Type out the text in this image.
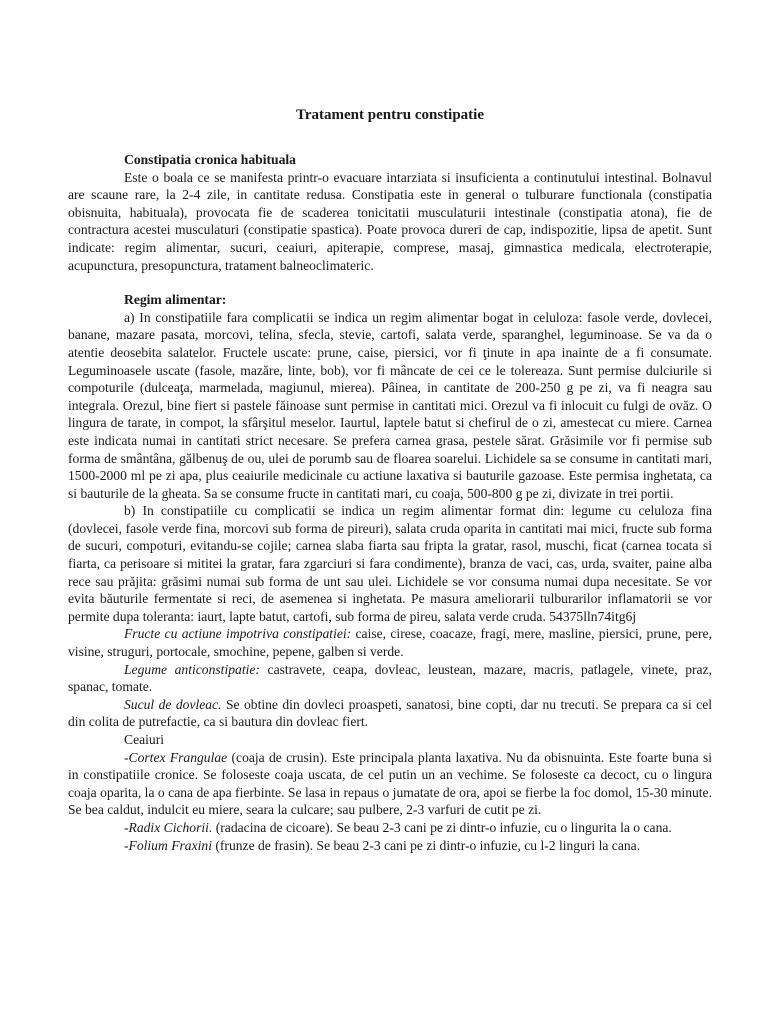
Tratament pentru constipatie

Constipatia cronica habituala

Este o boala ce se manifesta printr-o evacuare intarziata si insuficienta a continutului intestinal. Bolnavul are scaune rare, la 2-4 zile, in cantitate redusa. Constipatia este in general o tulburare functionala (constipatia obisnuita, habituala), provocata fie de scaderea tonicitatii musculaturii intestinale (constipatia atona), fie de contractura acestei musculaturi (constipatie spastica). Poate provoca dureri de cap, indispozitie, lipsa de apetit. Sunt indicate: regim alimentar, sucuri, ceaiuri, apiterapie, comprese, masaj, gimnastica medicala, electroterapie, acupunctura, presopunctura, tratament balneoclimateric.

Regim alimentar:

a) In constipatiile fara complicatii se indica un regim alimentar bogat in celuloza: fasole verde, dovlecei, banane, mazare pasata, morcovi, telina, sfecla, stevie, cartofi, salata verde, sparanghel, leguminoase. Se va da o atentie deosebita salatelor. Fructele uscate: prune, caise, piersici, vor fi ţinute in apa inainte de a fi consumate. Leguminoasele uscate (fasole, mazăre, linte, bob), vor fi mâncate de cei ce le tolereaza. Sunt permise dulciurile si compoturile (dulceaţa, marmelada, magiunul, mierea). Pâinea, in cantitate de 200-250 g pe zi, va fi neagra sau integrala. Orezul, bine fiert si pastele făinoase sunt permise in cantitati mici. Orezul va fi inlocuit cu fulgi de ovăz. O lingura de tarate, in compot, la sfârşitul meselor. Iaurtul, laptele batut si chefirul de o zi, amestecat cu miere. Carnea este indicata numai in cantitati strict necesare. Se prefera carnea grasa, pestele sărat. Grăsimile vor fi permise sub forma de smântâna, gălbenuş de ou, ulei de porumb sau de floarea soarelui. Lichidele sa se consume in cantitati mari, 1500-2000 ml pe zi apa, plus ceaiurile medicinale cu actiune laxativa si bauturile gazoase. Este permisa inghetata, ca si bauturile de la gheata. Sa se consume fructe in cantitati mari, cu coaja, 500-800 g pe zi, divizate in trei portii.

b) In constipatiile cu complicatii se indica un regim alimentar format din: legume cu celuloza fina (dovlecei, fasole verde fina, morcovi sub forma de pireuri), salata cruda oparita in cantitati mai mici, fructe sub forma de sucuri, compoturi, evitandu-se cojile; carnea slaba fiarta sau fripta la gratar, rasol, muschi, ficat (carnea tocata si fiarta, ca perisoare si mititei la gratar, fara zgarciuri si fara condimente), branza de vaci, cas, urda, svaiter, paine alba rece sau prăjita: grăsimi numai sub forma de unt sau ulei. Lichidele se vor consuma numai dupa necesitate. Se vor evita băuturile fermentate si reci, de asemenea si inghetata. Pe masura ameliorarii tulburarilor inflamatorii se vor permite dupa toleranta: iaurt, lapte batut, cartofi, sub forma de pireu, salata verde cruda. 54375lln74itg6j

Fructe cu actiune impotriva constipatiei: caise, cirese, coacaze, fragi, mere, masline, piersici, prune, pere, visine, struguri, portocale, smochine, pepene, galben si verde.

Legume anticonstipatie: castravete, ceapa, dovleac, leustean, mazare, macris, patlagele, vinete, praz, spanac, tomate.

Sucul de dovleac. Se obtine din dovleci proaspeti, sanatosi, bine copti, dar nu trecuti. Se prepara ca si cel din colita de putrefactie, ca si bautura din dovleac fiert.

Ceaiuri

-Cortex Frangulae (coaja de crusin). Este principala planta laxativa. Nu da obisnuinta. Este foarte buna si in constipatiile cronice. Se foloseste coaja uscata, de cel putin un an vechime. Se foloseste ca decoct, cu o lingura coaja oparita, la o cana de apa fierbinte. Se lasa in repaus o jumatate de ora, apoi se fierbe la foc domol, 15-30 minute. Se bea caldut, indulcit eu miere, seara la culcare; sau pulbere, 2-3 varfuri de cutit pe zi.

-Radix Cichorii. (radacina de cicoare). Se beau 2-3 cani pe zi dintr-o infuzie, cu o lingurita la o cana.

-Folium Fraxini (frunze de frasin). Se beau 2-3 cani pe zi dintr-o infuzie, cu l-2 linguri la cana.
